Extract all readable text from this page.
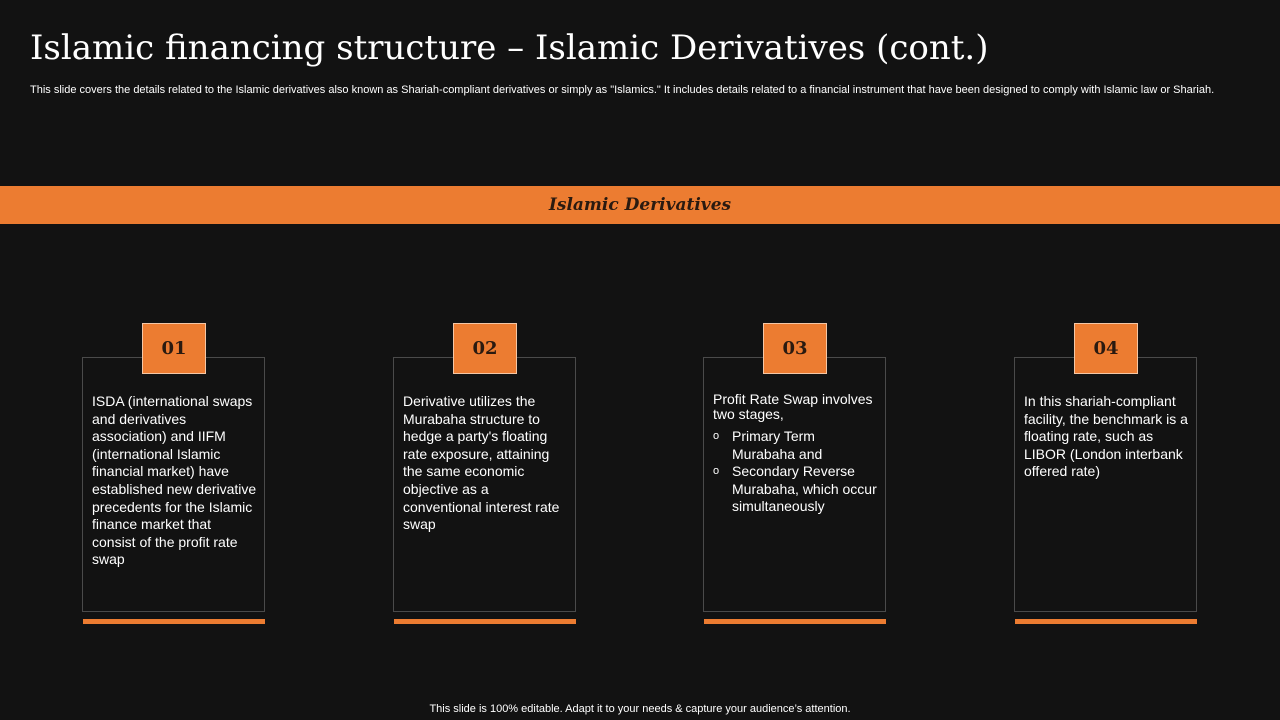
Islamic financing structure – Islamic Derivatives (cont.)

This slide covers the details related to the Islamic derivatives also known as Shariah-compliant derivatives or simply as "Islamics." It includes details related to a financial instrument that have been designed to comply with Islamic law or Shariah.

Islamic Derivatives
01

ISDA (international swaps and derivatives association) and IIFM (international Islamic financial market) have established new derivative precedents for the Islamic finance market that consist of the profit rate swap

02

Derivative utilizes the Murabaha structure to hedge a party's floating rate exposure, attaining the same economic objective as a conventional interest rate swap

03
Profit Rate Swap involves two stages,
o Primary Term Murabaha and
o Secondary Reverse Murabaha, which occur simultaneously
04

In this shariah-compliant facility, the benchmark is a floating rate, such as LIBOR (London interbank offered rate)

This slide is 100% editable. Adapt it to your needs & capture your audience’s attention.
